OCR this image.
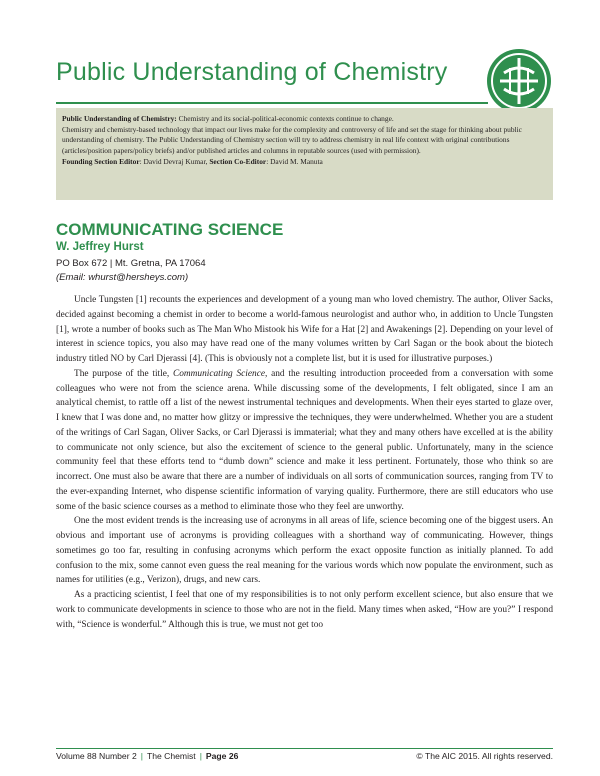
Public Understanding of Chemistry

Public Understanding of Chemistry: Chemistry and its social-political-economic contexts continue to change.

Chemistry and chemistry-based technology that impact our lives make for the complexity and controversy of life and set the stage for thinking about public understanding of chemistry. The Public Understanding of Chemistry section will try to address chemistry in real life context with original contributions (articles/position papers/policy briefs) and/or published articles and columns in reputable sources (used with permission).

Founding Section Editor: David Devraj Kumar, Section Co-Editor: David M. Manuta

COMMUNICATING SCIENCE
W. Jeffrey Hurst
PO Box 672 | Mt. Gretna, PA 17064
(Email: whurst@hersheys.com)

Uncle Tungsten [1] recounts the experiences and development of a young man who loved chemistry. The author, Oliver Sacks, decided against becoming a chemist in order to become a world-famous neurologist and author who, in addition to Uncle Tungsten [1], wrote a number of books such as The Man Who Mistook his Wife for a Hat [2] and Awakenings [2]. Depending on your level of interest in science topics, you also may have read one of the many volumes written by Carl Sagan or the book about the biotech industry titled NO by Carl Djerassi [4]. (This is obviously not a complete list, but it is used for illustrative purposes.)

The purpose of the title, Communicating Science, and the resulting introduction proceeded from a conversation with some colleagues who were not from the science arena. While discussing some of the developments, I felt obligated, since I am an analytical chemist, to rattle off a list of the newest instrumental techniques and developments. When their eyes started to glaze over, I knew that I was done and, no matter how glitzy or impressive the techniques, they were underwhelmed. Whether you are a student of the writings of Carl Sagan, Oliver Sacks, or Carl Djerassi is immaterial; what they and many others have excelled at is the ability to communicate not only science, but also the excitement of science to the general public. Unfortunately, many in the science community feel that these efforts tend to “dumb down” science and make it less pertinent. Fortunately, those who think so are incorrect. One must also be aware that there are a number of individuals on all sorts of communication sources, ranging from TV to the ever-expanding Internet, who dispense scientific information of varying quality. Furthermore, there are still educators who use some of the basic science courses as a method to eliminate those who they feel are unworthy.

One the most evident trends is the increasing use of acronyms in all areas of life, science becoming one of the biggest users. An obvious and important use of acronyms is providing colleagues with a shorthand way of communicating. However, things sometimes go too far, resulting in confusing acronyms which perform the exact opposite function as initially planned. To add confusion to the mix, some cannot even guess the real meaning for the various words which now populate the environment, such as names for utilities (e.g., Verizon), drugs, and new cars.

As a practicing scientist, I feel that one of my responsibilities is to not only perform excellent science, but also ensure that we work to communicate developments in science to those who are not in the field. Many times when asked, “How are you?” I respond with, “Science is wonderful.” Although this is true, we must not get too

Volume 88 Number 2 | The Chemist | Page 26	© The AIC 2015. All rights reserved.
